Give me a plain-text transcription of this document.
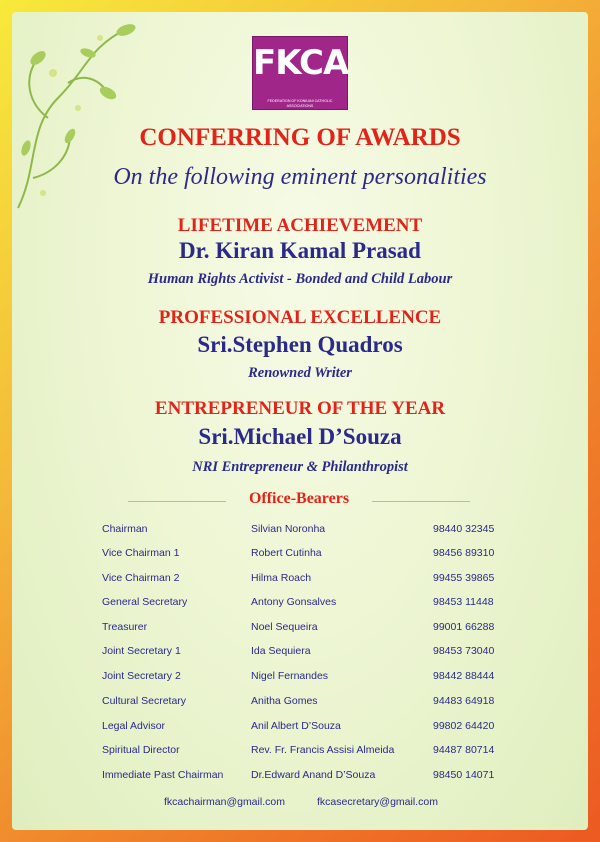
FKCA
FEDERATION OF KONKANI CATHOLIC ASSOCIATIONS
CONFERRING OF AWARDS
On the following eminent personalities
LIFETIME ACHIEVEMENT
Dr. Kiran Kamal Prasad
Human Rights Activist - Bonded and Child Labour
PROFESSIONAL EXCELLENCE
Sri.Stephen Quadros
Renowned Writer
ENTREPRENEUR OF THE YEAR
Sri.Michael D’Souza
NRI Entrepreneur & Philanthropist
Office-Bearers
Chairman	Silvian Noronha	98440 32345
Vice Chairman 1	Robert Cutinha	98456 89310
Vice Chairman 2	Hilma Roach	99455 39865
General Secretary	Antony Gonsalves	98453 11448
Treasurer	Noel Sequeira	99001 66288
Joint Secretary 1	Ida Sequiera	98453 73040
Joint Secretary 2	Nigel Fernandes	98442 88444
Cultural Secretary	Anitha Gomes	94483 64918
Legal Advisor	Anil Albert D’Souza	99802 64420
Spiritual Director	Rev. Fr. Francis Assisi Almeida	94487 80714
Immediate Past Chairman	Dr.Edward Anand D’Souza	98450 14071
fkcachairman@gmail.com	fkcasecretary@gmail.com
